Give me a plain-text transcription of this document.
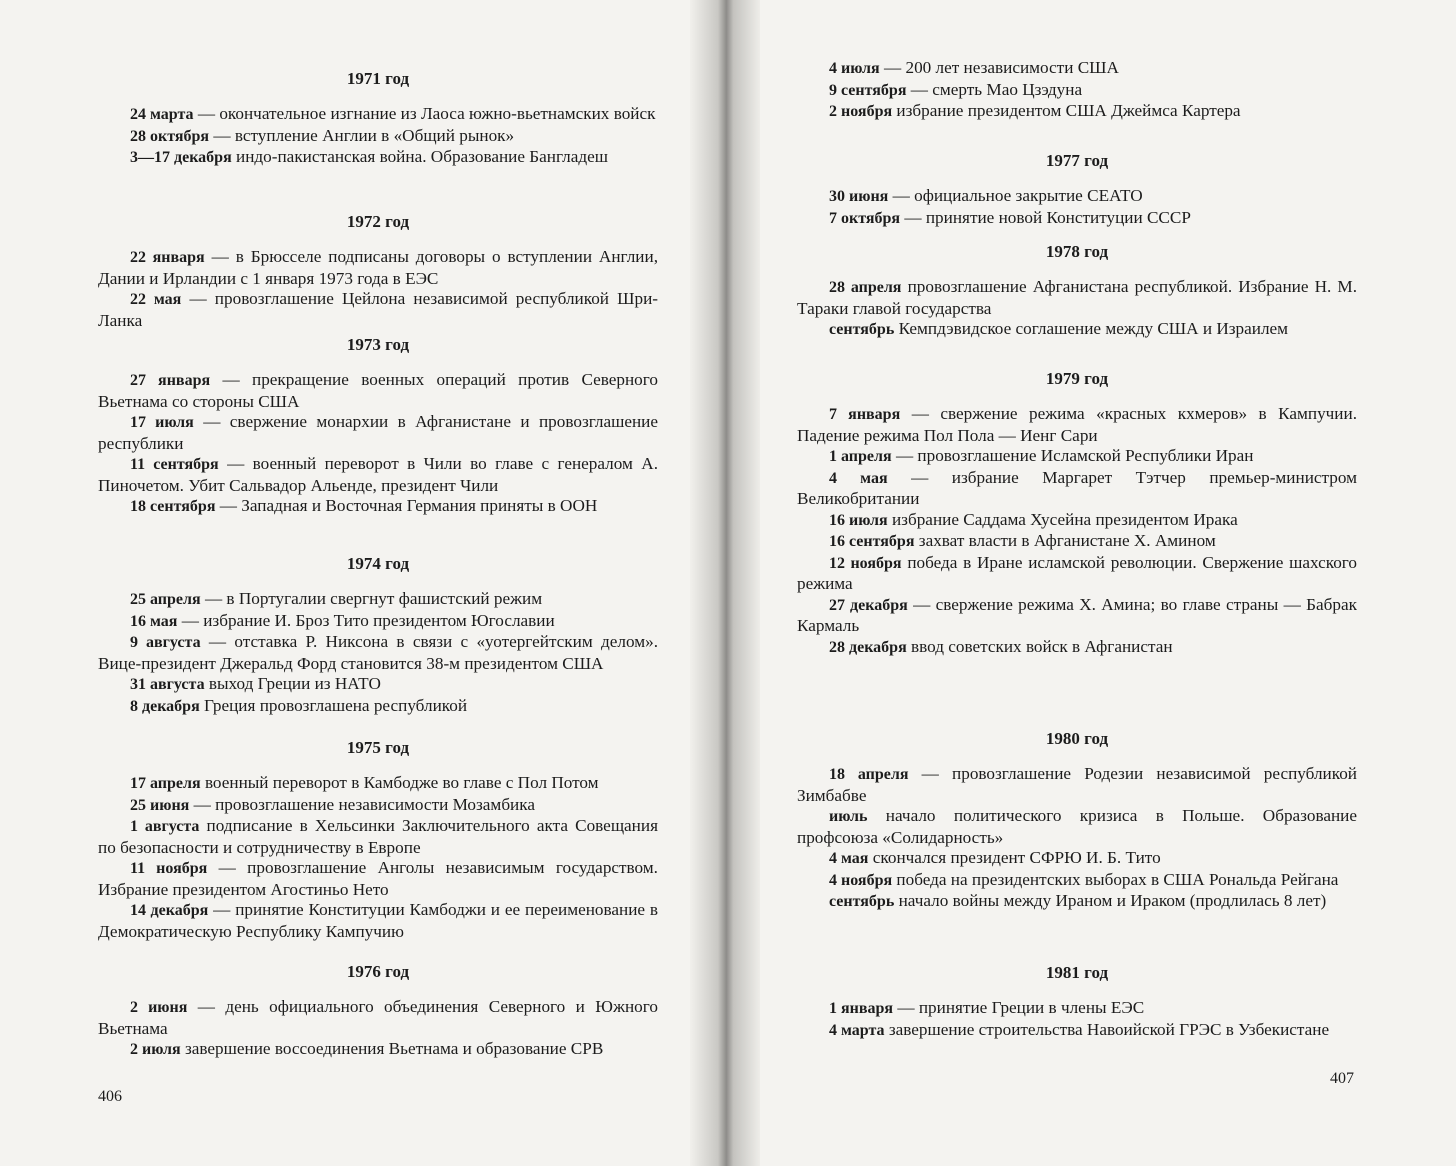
1971 год

24 марта — окончательное изгнание из Лаоса южно-вьетнамских войск

28 октября — вступление Англии в «Общий рынок»

3—17 декабря индо-пакистанская война. Образование Бангладеш

1972 год

22 января — в Брюсселе подписаны договоры о вступлении Англии, Дании и Ирландии с 1 января 1973 года в ЕЭС

22 мая — провозглашение Цейлона независимой республикой Шри-Ланка

1973 год

27 января — прекращение военных операций против Северного Вьетнама со стороны США

17 июля — свержение монархии в Афганистане и провозглашение республики

11 сентября — военный переворот в Чили во главе с генералом А. Пиночетом. Убит Сальвадор Альенде, президент Чили

18 сентября — Западная и Восточная Германия приняты в ООН

1974 год

25 апреля — в Португалии свергнут фашистский режим

16 мая — избрание И. Броз Тито президентом Югославии

9 августа — отставка Р. Никсона в связи с «уотергейтским делом». Вице-президент Джеральд Форд становится 38-м президентом США

31 августа выход Греции из НАТО

8 декабря Греция провозглашена республикой

1975 год

17 апреля военный переворот в Камбодже во главе с Пол Потом

25 июня — провозглашение независимости Мозамбика

1 августа подписание в Хельсинки Заключительного акта Совещания по безопасности и сотрудничеству в Европе

11 ноября — провозглашение Анголы независимым государством. Избрание президентом Агостиньо Нето

14 декабря — принятие Конституции Камбоджи и ее переименование в Демократическую Республику Кампучию

1976 год

2 июня — день официального объединения Северного и Южного Вьетнама

2 июля завершение воссоединения Вьетнама и образование СРВ

4 июля — 200 лет независимости США

9 сентября — смерть Мао Цзэдуна

2 ноября избрание президентом США Джеймса Картера

1977 год

30 июня — официальное закрытие СЕАТО

7 октября — принятие новой Конституции СССР

1978 год

28 апреля провозглашение Афганистана республикой. Избрание Н. М. Тараки главой государства

сентябрь Кемпдэвидское соглашение между США и Израилем

1979 год

7 января — свержение режима «красных кхмеров» в Кампучии. Падение режима Пол Пола — Иенг Сари

1 апреля — провозглашение Исламской Республики Иран

4 мая — избрание Маргарет Тэтчер премьер-министром Великобритании

16 июля избрание Саддама Хусейна президентом Ирака

16 сентября захват власти в Афганистане Х. Амином

12 ноября победа в Иране исламской революции. Свержение шахского режима

27 декабря — свержение режима Х. Амина; во главе страны — Бабрак Кармаль

28 декабря ввод советских войск в Афганистан

1980 год

18 апреля — провозглашение Родезии независимой республикой Зимбабве

июль начало политического кризиса в Польше. Образование профсоюза «Солидарность»

4 мая скончался президент СФРЮ И. Б. Тито

4 ноября победа на президентских выборах в США Рональда Рейгана

сентябрь начало войны между Ираном и Ираком (продлилась 8 лет)

1981 год

1 января — принятие Греции в члены ЕЭС

4 марта завершение строительства Навоийской ГРЭС в Узбекистане

406
407
